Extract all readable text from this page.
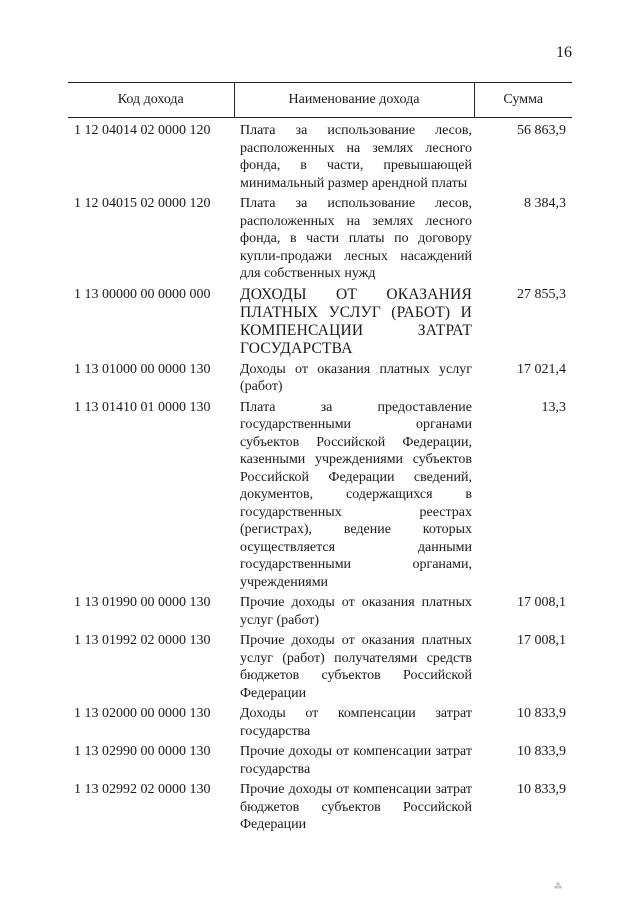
16
Код дохода	Наименование дохода	Сумма
1 12 04014 02 0000 120	Плата за использование лесов, расположенных на землях лесного фонда, в части, превышающей минимальный размер арендной платы	56 863,9
1 12 04015 02 0000 120	Плата за использование лесов, расположенных на землях лесного фонда, в части платы по договору купли-продажи лесных насаждений для собственных нужд	8 384,3
1 13 00000 00 0000 000	ДОХОДЫ ОТ ОКАЗАНИЯ ПЛАТНЫХ УСЛУГ (РАБОТ) И КОМПЕНСАЦИИ ЗАТРАТ ГОСУДАРСТВА	27 855,3
1 13 01000 00 0000 130	Доходы от оказания платных услуг (работ)	17 021,4
1 13 01410 01 0000 130	Плата за предоставление государственными органами субъектов Российской Федерации, казенными учреждениями субъектов Российской Федерации сведений, документов, содержащихся в государственных реестрах (регистрах), ведение которых осуществляется данными государственными органами, учреждениями	13,3
1 13 01990 00 0000 130	Прочие доходы от оказания платных услуг (работ)	17 008,1
1 13 01992 02 0000 130	Прочие доходы от оказания платных услуг (работ) получателями средств бюджетов субъектов Российской Федерации	17 008,1
1 13 02000 00 0000 130	Доходы от компенсации затрат государства	10 833,9
1 13 02990 00 0000 130	Прочие доходы от компенсации затрат государства	10 833,9
1 13 02992 02 0000 130	Прочие доходы от компенсации затрат бюджетов субъектов Российской Федерации	10 833,9
⁂
